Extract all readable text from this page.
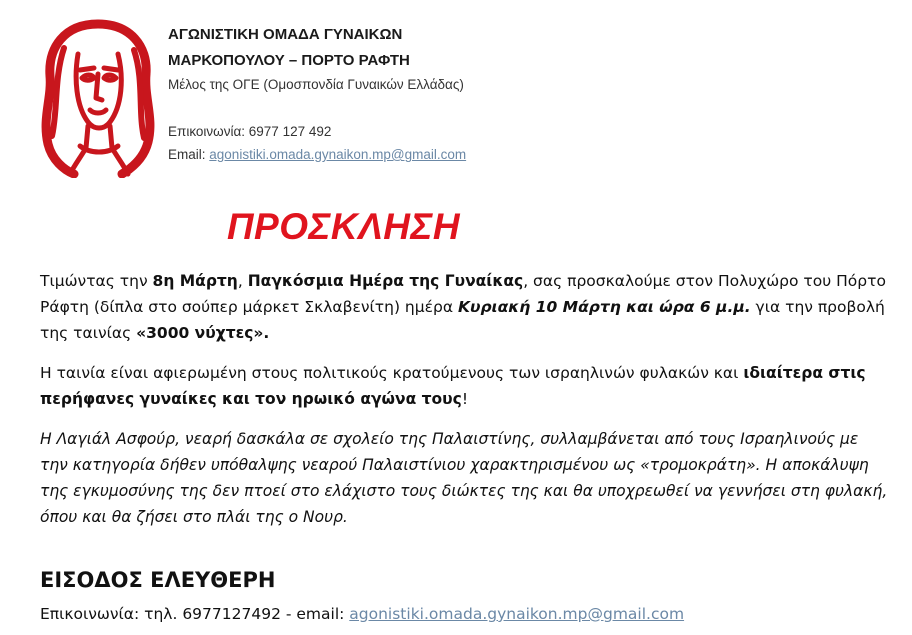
ΑΓΩΝΙΣΤΙΚΗ ΟΜΑΔΑ ΓΥΝΑΙΚΩΝ
ΜΑΡΚΟΠΟΥΛΟΥ – ΠΟΡΤΟ ΡΑΦΤΗ
Μέλος της ΟΓΕ (Ομοσπονδία Γυναικών Ελλάδας)
Επικοινωνία: 6977 127 492
Email: agonistiki.omada.gynaikon.mp@gmail.com
ΠΡΟΣΚΛΗΣΗ

Τιμώντας την 8η Μάρτη, Παγκόσμια Ημέρα της Γυναίκας, σας προσκαλούμε στον Πολυχώρο του Πόρτο Ράφτη (δίπλα στο σούπερ μάρκετ Σκλαβενίτη) ημέρα Κυριακή 10 Μάρτη και ώρα 6 μ.μ. για την προβολή της ταινίας «3000 νύχτες».

Η ταινία είναι αφιερωμένη στους πολιτικούς κρατούμενους των ισραηλινών φυλακών και ιδιαίτερα στις περήφανες γυναίκες και τον ηρωικό αγώνα τους!

Η Λαγιάλ Ασφούρ, νεαρή δασκάλα σε σχολείο της Παλαιστίνης, συλλαμβάνεται από τους Ισραηλινούς με την κατηγορία δήθεν υπόθαλψης νεαρού Παλαιστίνιου χαρακτηρισμένου ως «τρομοκράτη». Η αποκάλυψη της εγκυμοσύνης της δεν πτοεί στο ελάχιστο τους διώκτες της και θα υποχρεωθεί να γεννήσει στη φυλακή, όπου και θα ζήσει στο πλάι της ο Νουρ.

ΕΙΣΟΔΟΣ ΕΛΕΥΘΕΡΗ
Επικοινωνία: τηλ. 6977127492 - email: agonistiki.omada.gynaikon.mp@gmail.com
